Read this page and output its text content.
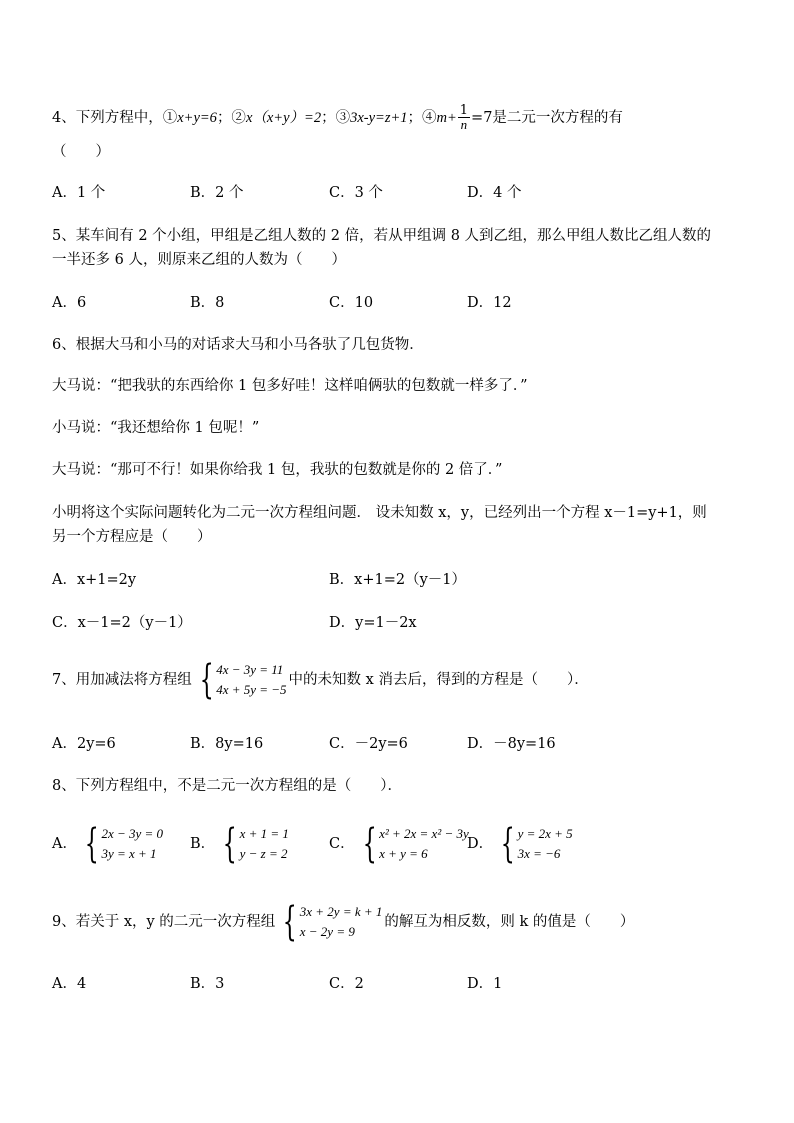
4、下列方程中，①x+y=6；②x（x+y）=2；③3x-y=z+1；④m+ $\frac{1}{n} =7$是二元一次方程的有
（　　）
A．1 个	B．2 个	C．3 个	D．4 个
5、某车间有 2 个小组，甲组是乙组人数的 2 倍，若从甲组调 8 人到乙组，那么甲组人数比乙组人数的
一半还多 6 人，则原来乙组的人数为（　　）
A．6	B．8	C．10	D．12
6、根据大马和小马的对话求大马和小马各驮了几包货物．
大马说：“把我驮的东西给你 1 包多好哇！这样咱俩驮的包数就一样多了．”
小马说：“我还想给你 1 包呢！”
大马说：“那可不行！如果你给我 1 包，我驮的包数就是你的 2 倍了．”
小明将这个实际问题转化为二元一次方程组问题． 设未知数 x，y，已经列出一个方程 x－1=y+1，则
另一个方程应是（　　）
A．x+1=2y	B．x+1=2（y－1）
C．x－1=2（y－1）	D．y=1－2x
7、用加减法将方程组 { 4x − 3y = 11
4x + 5y = −5
中的未知数 x 消去后，得到的方程是（　　）．
A．2y=6	B．8y=16	C．－2y=6	D．－8y=16
8、下列方程组中，不是二元一次方程组的是（　　）．
A． { 2x − 3y = 0
3y = x + 1
B． { x + 1 = 1
y − z = 2
C． { x² + 2x = x² − 3y
x + y = 6
D． { y = 2x + 5
3x = −6
9、若关于 x，y 的二元一次方程组 { 3x + 2y = k + 1
x − 2y = 9
的解互为相反数，则 k 的值是（　　）
A．4	B．3	C．2	D．1
